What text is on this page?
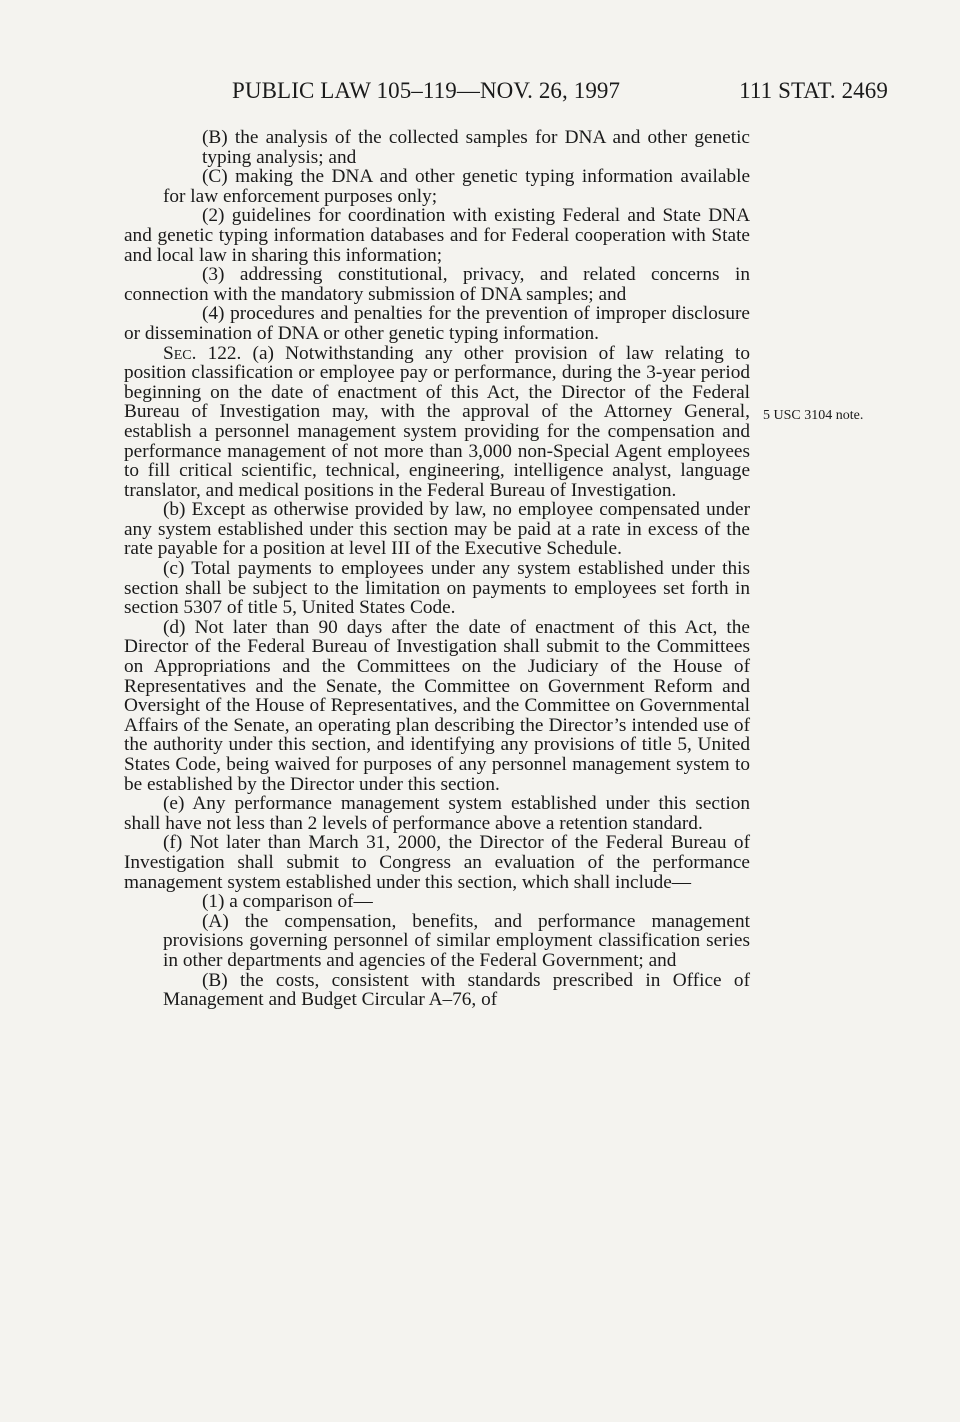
PUBLIC LAW 105–119—NOV. 26, 1997	111 STAT. 2469
5 USC 3104 note.

(B) the analysis of the collected samples for DNA and other genetic typing analysis; and

(C) making the DNA and other genetic typing information available for law enforcement purposes only;

(2) guidelines for coordination with existing Federal and State DNA and genetic typing information databases and for Federal cooperation with State and local law in sharing this information;

(3) addressing constitutional, privacy, and related concerns in connection with the mandatory submission of DNA samples; and

(4) procedures and penalties for the prevention of improper disclosure or dissemination of DNA or other genetic typing information.

Sec. 122. (a) Notwithstanding any other provision of law relating to position classification or employee pay or performance, during the 3-year period beginning on the date of enactment of this Act, the Director of the Federal Bureau of Investigation may, with the approval of the Attorney General, establish a personnel management system providing for the compensation and performance management of not more than 3,000 non-Special Agent employees to fill critical scientific, technical, engineering, intelligence analyst, language translator, and medical positions in the Federal Bureau of Investigation.

(b) Except as otherwise provided by law, no employee compensated under any system established under this section may be paid at a rate in excess of the rate payable for a position at level III of the Executive Schedule.

(c) Total payments to employees under any system established under this section shall be subject to the limitation on payments to employees set forth in section 5307 of title 5, United States Code.

(d) Not later than 90 days after the date of enactment of this Act, the Director of the Federal Bureau of Investigation shall submit to the Committees on Appropriations and the Committees on the Judiciary of the House of Representatives and the Senate, the Committee on Government Reform and Oversight of the House of Representatives, and the Committee on Governmental Affairs of the Senate, an operating plan describing the Director’s intended use of the authority under this section, and identifying any provisions of title 5, United States Code, being waived for purposes of any personnel management system to be established by the Director under this section.

(e) Any performance management system established under this section shall have not less than 2 levels of performance above a retention standard.

(f) Not later than March 31, 2000, the Director of the Federal Bureau of Investigation shall submit to Congress an evaluation of the performance management system established under this section, which shall include—

(1) a comparison of—

(A) the compensation, benefits, and performance management provisions governing personnel of similar employment classification series in other departments and agencies of the Federal Government; and

(B) the costs, consistent with standards prescribed in Office of Management and Budget Circular A–76, of
